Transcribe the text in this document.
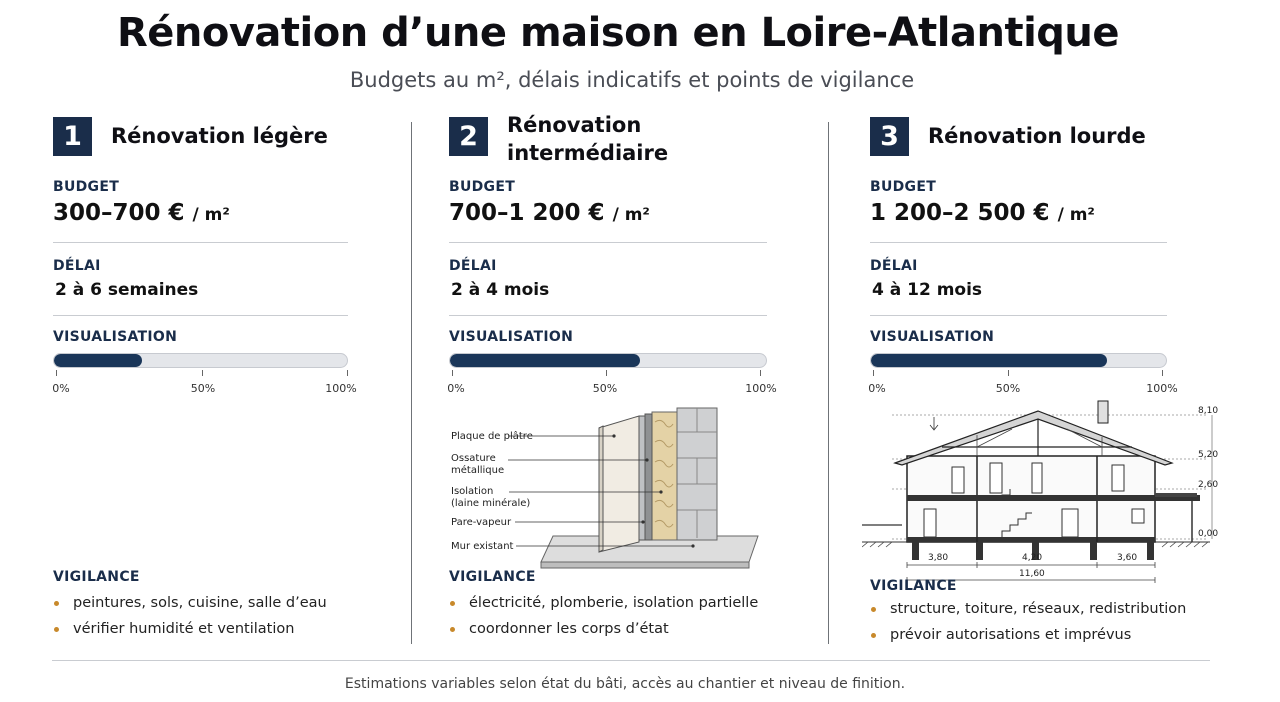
Rénovation d’une maison en Loire-Atlantique
Budgets au m², délais indicatifs et points de vigilance
1	Rénovation légère
BUDGET
300–700 € / m²
DÉLAI
2 à 6 semaines
VISUALISATION
0%	50%	100%
VIGILANCE
peintures, sols, cuisine, salle d’eau
vérifier humidité et ventilation
2	Rénovation
intermédiaire
BUDGET
700–1 200 € / m²
DÉLAI
2 à 4 mois
VISUALISATION
0%	50%	100%
Plaque de plâtre
Ossature
métallique
Isolation
(laine minérale)
Pare-vapeur
Mur existant
VIGILANCE
électricité, plomberie, isolation partielle
coordonner les corps d’état
3	Rénovation lourde
BUDGET
1 200–2 500 € / m²
DÉLAI
4 à 12 mois
VISUALISATION
0%	50%	100%
8,10
5,20
2,60
0,00
3,80	4,20	3,60
11,60
VIGILANCE
structure, toiture, réseaux, redistribution
prévoir autorisations et imprévus
Estimations variables selon état du bâti, accès au chantier et niveau de finition.
